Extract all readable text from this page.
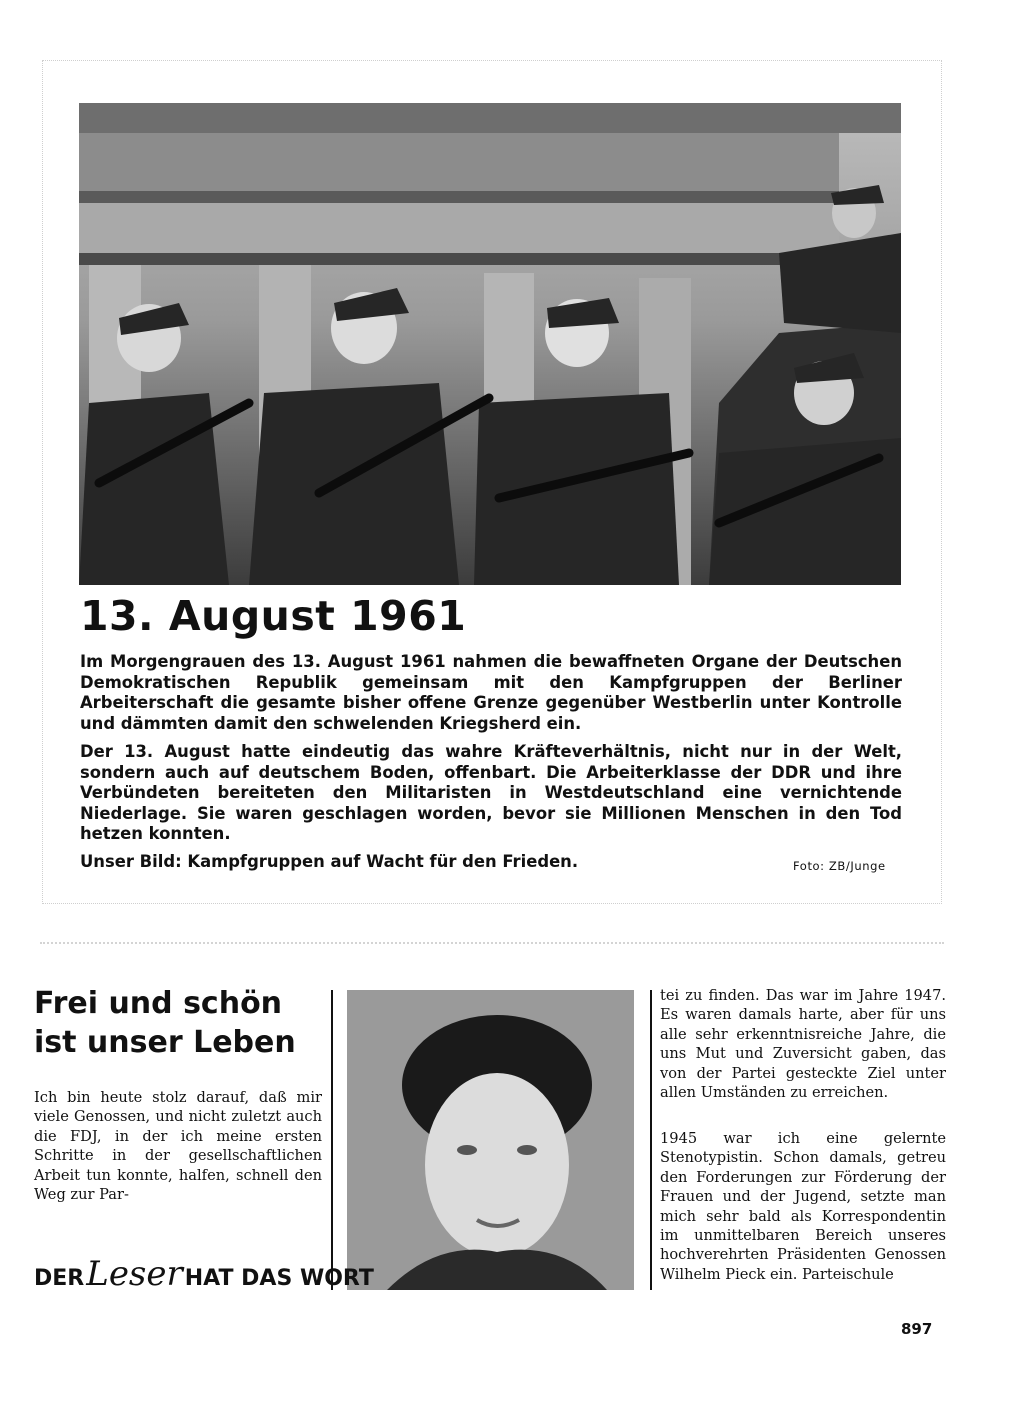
13. August 1961

Im Morgengrauen des 13. August 1961 nahmen die bewaffneten Organe der Deutschen Demokratischen Republik gemeinsam mit den Kampfgruppen der Berliner Arbeiterschaft die gesamte bisher offene Grenze gegenüber Westberlin unter Kontrolle und dämmten damit den schwelenden Kriegsherd ein.

Der 13. August hatte eindeutig das wahre Kräfteverhältnis, nicht nur in der Welt, sondern auch auf deutschem Boden, offenbart. Die Arbeiterklasse der DDR und ihre Verbündeten bereiteten den Militaristen in Westdeutschland eine vernichtende Niederlage. Sie waren geschlagen worden, bevor sie Millionen Menschen in den Tod hetzen konnten.

Unser Bild: Kampfgruppen auf Wacht für den Frieden.	Foto: ZB/Junge
Frei und schön
ist unser Leben

Ich bin heute stolz darauf, daß mir viele Genossen, und nicht zuletzt auch die FDJ, in der ich meine ersten Schritte in der gesellschaftlichen Arbeit tun konnte, halfen, schnell den Weg zur Par-

tei zu finden. Das war im Jahre 1947. Es waren damals harte, aber für uns alle sehr erkenntnisreiche Jahre, die uns Mut und Zuversicht gaben, das von der Partei gesteckte Ziel unter allen Umständen zu erreichen.

1945 war ich eine gelernte Stenotypistin. Schon damals, getreu den Forderungen zur Förderung der Frauen und der Jugend, setzte man mich sehr bald als Korrespondentin im unmittelbaren Bereich unseres hochverehrten Präsidenten Genossen Wilhelm Pieck ein. Parteischule

DER Leser HAT DAS WORT
897
